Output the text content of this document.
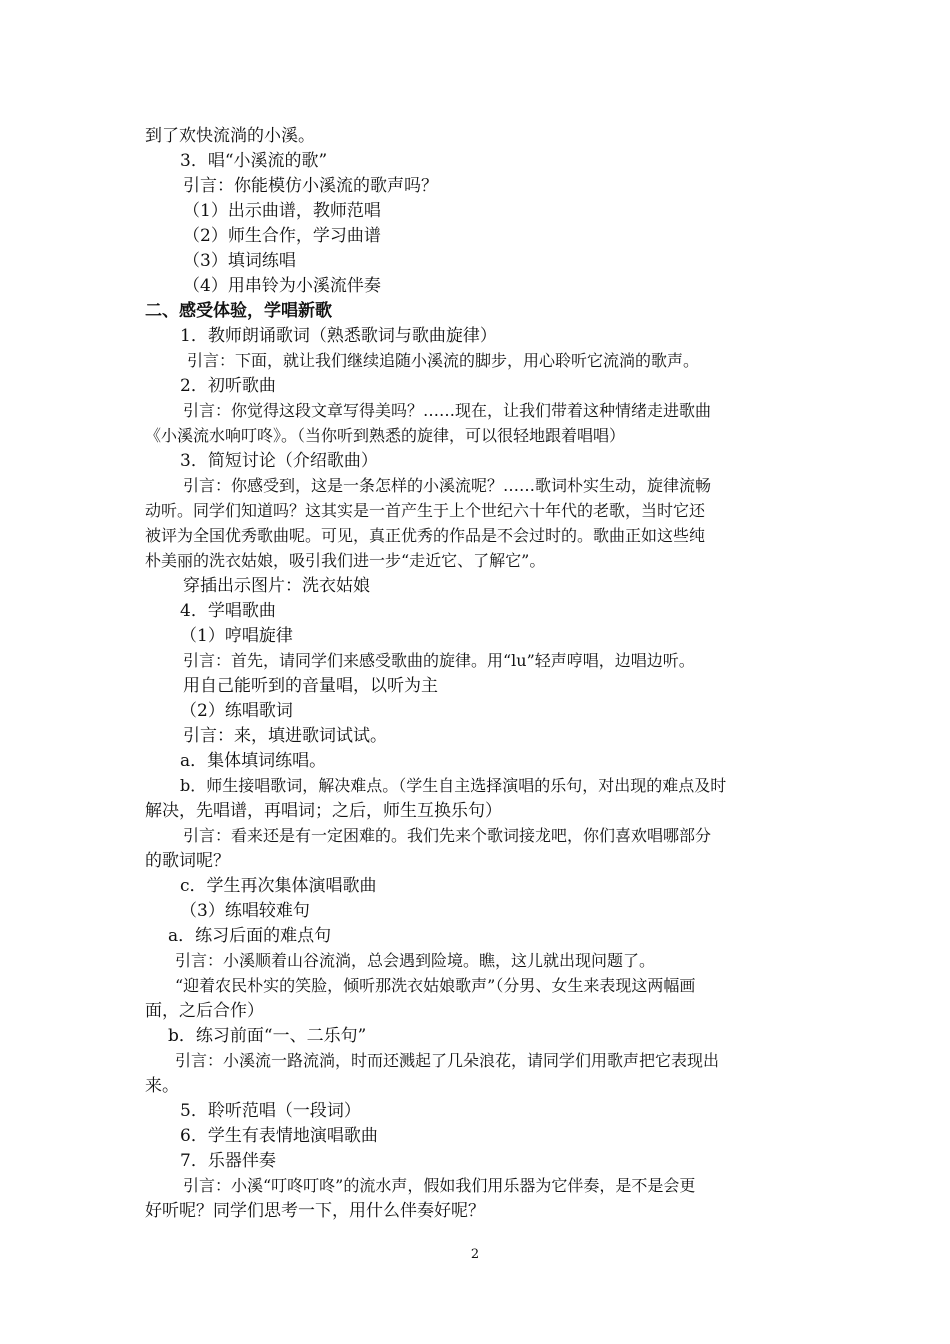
到了欢快流淌的小溪。
3．唱“小溪流的歌”
引言：你能模仿小溪流的歌声吗？
（1）出示曲谱，教师范唱
（2）师生合作，学习曲谱
（3）填词练唱
（4）用串铃为小溪流伴奏
二、感受体验，学唱新歌
1．教师朗诵歌词（熟悉歌词与歌曲旋律）
引言：下面，就让我们继续追随小溪流的脚步，用心聆听它流淌的歌声。
2．初听歌曲
引言：你觉得这段文章写得美吗？……现在，让我们带着这种情绪走进歌曲
《小溪流水响叮咚》。（当你听到熟悉的旋律，可以很轻地跟着唱唱）
3．简短讨论（介绍歌曲）
引言：你感受到，这是一条怎样的小溪流呢？……歌词朴实生动，旋律流畅
动听。同学们知道吗？这其实是一首产生于上个世纪六十年代的老歌，当时它还
被评为全国优秀歌曲呢。可见，真正优秀的作品是不会过时的。歌曲正如这些纯
朴美丽的洗衣姑娘，吸引我们进一步“走近它、了解它”。
穿插出示图片：洗衣姑娘
4．学唱歌曲
（1）哼唱旋律
引言：首先，请同学们来感受歌曲的旋律。用“lu”轻声哼唱，边唱边听。
用自己能听到的音量唱，以听为主
（2）练唱歌词
引言：来，填进歌词试试。
a．集体填词练唱。
b．师生接唱歌词，解决难点。（学生自主选择演唱的乐句，对出现的难点及时
解决，先唱谱，再唱词；之后，师生互换乐句）
引言：看来还是有一定困难的。我们先来个歌词接龙吧，你们喜欢唱哪部分
的歌词呢？
c．学生再次集体演唱歌曲
（3）练唱较难句
a．练习后面的难点句
引言：小溪顺着山谷流淌，总会遇到险境。瞧，这儿就出现问题了。
“迎着农民朴实的笑脸，倾听那洗衣姑娘歌声”（分男、女生来表现这两幅画
面，之后合作）
b．练习前面“一、二乐句”
引言：小溪流一路流淌，时而还溅起了几朵浪花，请同学们用歌声把它表现出
来。
5．聆听范唱（一段词）
6．学生有表情地演唱歌曲
7．乐器伴奏
引言：小溪“叮咚叮咚”的流水声，假如我们用乐器为它伴奏，是不是会更
好听呢？同学们思考一下，用什么伴奏好呢？
2
